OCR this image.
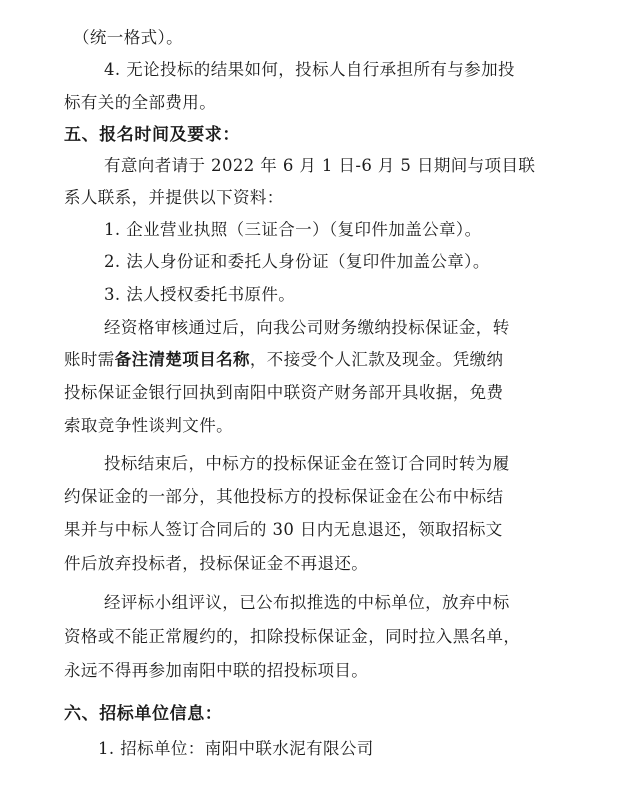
（统一格式）。
4. 无论投标的结果如何，投标人自行承担所有与参加投
标有关的全部费用。
五、报名时间及要求：
有意向者请于 2022 年 6 月 1 日-6 月 5 日期间与项目联
系人联系，并提供以下资料：
1. 企业营业执照（三证合一）（复印件加盖公章）。
2. 法人身份证和委托人身份证（复印件加盖公章）。
3. 法人授权委托书原件。
经资格审核通过后，向我公司财务缴纳投标保证金，转
账时需备注清楚项目名称，不接受个人汇款及现金。凭缴纳
投标保证金银行回执到南阳中联资产财务部开具收据，免费
索取竞争性谈判文件。
投标结束后，中标方的投标保证金在签订合同时转为履
约保证金的一部分，其他投标方的投标保证金在公布中标结
果并与中标人签订合同后的 30 日内无息退还，领取招标文
件后放弃投标者，投标保证金不再退还。
经评标小组评议，已公布拟推选的中标单位，放弃中标
资格或不能正常履约的，扣除投标保证金，同时拉入黑名单，
永远不得再参加南阳中联的招投标项目。
六、招标单位信息：
1. 招标单位：南阳中联水泥有限公司
